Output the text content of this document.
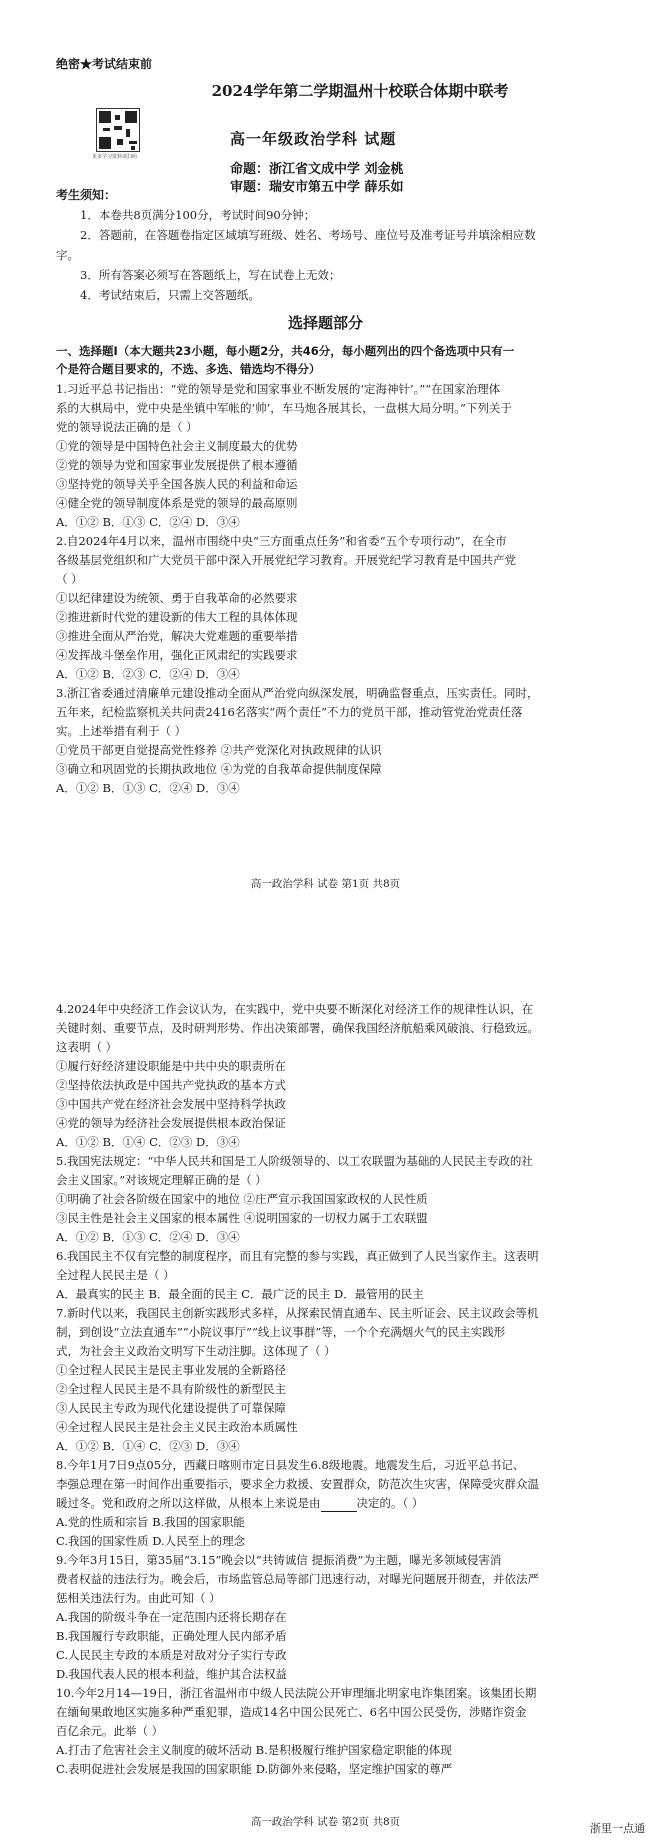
绝密★考试结束前
2024学年第二学期温州十校联合体期中联考
更多学习资料请扫码
高一年级政治学科 试题
命题：浙江省文成中学 刘金桃
审题：瑞安市第五中学 薛乐如
考生须知：
1．本卷共8页满分100分，考试时间90分钟；
2．答题前，在答题卷指定区域填写班级、姓名、考场号、座位号及准考证号并填涂相应数
字。
3．所有答案必须写在答题纸上，写在试卷上无效；
4．考试结束后，只需上交答题纸。
选择题部分
一、选择题Ⅰ（本大题共23小题，每小题2分，共46分，每小题列出的四个备选项中只有一
个是符合题目要求的，不选、多选、错选均不得分）
1.习近平总书记指出：“党的领导是党和国家事业不断发展的‘定海神针’。”“在国家治理体
系的大棋局中，党中央是坐镇中军帐的‘帅’，车马炮各展其长，一盘棋大局分明。”下列关于
党的领导说法正确的是（ ）
①党的领导是中国特色社会主义制度最大的优势
②党的领导为党和国家事业发展提供了根本遵循
③坚持党的领导关乎全国各族人民的利益和命运
④健全党的领导制度体系是党的领导的最高原则
A．①② B．①③ C．②④ D．③④
2.自2024年4月以来，温州市围绕中央“三方面重点任务”和省委“五个专项行动”，在全市
各级基层党组织和广大党员干部中深入开展党纪学习教育。开展党纪学习教育是中国共产党
（ ）
①以纪律建设为统领、勇于自我革命的必然要求
②推进新时代党的建设新的伟大工程的具体体现
③推进全面从严治党，解决大党难题的重要举措
④发挥战斗堡垒作用，强化正风肃纪的实践要求
A．①② B．②③ C．②④ D．③④
3.浙江省委通过清廉单元建设推动全面从严治党向纵深发展，明确监督重点，压实责任。同时，
五年来，纪检监察机关共问责2416名落实“两个责任”不力的党员干部，推动管党治党责任落
实。上述举措有利于（ ）
①党员干部更自觉提高党性修养 ②共产党深化对执政规律的认识
③确立和巩固党的长期执政地位 ④为党的自我革命提供制度保障
A．①② B．①③ C．②④ D．③④
高一政治学科 试卷 第1页 共8页
4.2024年中央经济工作会议认为，在实践中，党中央要不断深化对经济工作的规律性认识，在
关键时刻、重要节点，及时研判形势、作出决策部署，确保我国经济航船乘风破浪、行稳致远。
这表明（ ）
①履行好经济建设职能是中共中央的职责所在
②坚持依法执政是中国共产党执政的基本方式
③中国共产党在经济社会发展中坚持科学执政
④党的领导为经济社会发展提供根本政治保证
A．①② B．①④ C．②③ D．③④
5.我国宪法规定：“中华人民共和国是工人阶级领导的、以工农联盟为基础的人民民主专政的社
会主义国家。”对该规定理解正确的是（ ）
①明确了社会各阶级在国家中的地位 ②庄严宣示我国国家政权的人民性质
③民主性是社会主义国家的根本属性 ④说明国家的一切权力属于工农联盟
A．①② B．①③ C．②④ D．③④
6.我国民主不仅有完整的制度程序，而且有完整的参与实践，真正做到了人民当家作主。这表明
全过程人民民主是（ ）
A．最真实的民主 B．最全面的民主 C．最广泛的民主 D．最管用的民主
7.新时代以来，我国民主创新实践形式多样，从探索民情直通车、民主听证会、民主议政会等机
制，到创设“立法直通车”“小院议事厅”“线上议事群”等，一个个充满烟火气的民主实践形
式，为社会主义政治文明写下生动注脚。这体现了（ ）
①全过程人民民主是民主事业发展的全新路径
②全过程人民民主是不具有阶级性的新型民主
③人民民主专政为现代化建设提供了可靠保障
④全过程人民民主是社会主义民主政治本质属性
A．①② B．①④ C．②③ D．③④
8.今年1月7日9点05分，西藏日喀则市定日县发生6.8级地震。地震发生后，习近平总书记、
李强总理在第一时间作出重要指示，要求全力救援、安置群众，防范次生灾害，保障受灾群众温
暖过冬。党和政府之所以这样做，从根本上来说是由	决定的。（ ）
A.党的性质和宗旨 B.我国的国家职能
C.我国的国家性质 D.人民至上的理念
9.今年3月15日，第35届“3.15”晚会以“共铸诚信 提振消费”为主题，曝光多领域侵害消
费者权益的违法行为。晚会后，市场监管总局等部门迅速行动，对曝光问题展开彻查，并依法严
惩相关违法行为。由此可知（ ）
A.我国的阶级斗争在一定范围内还将长期存在
B.我国履行专政职能，正确处理人民内部矛盾
C.人民民主专政的本质是对敌对分子实行专政
D.我国代表人民的根本利益，维护其合法权益
10.今年2月14—19日，浙江省温州市中级人民法院公开审理缅北明家电诈集团案。该集团长期
在缅甸果敢地区实施多种严重犯罪，造成14名中国公民死亡、6名中国公民受伤，涉赌诈资金
百亿余元。此举（ ）
A.打击了危害社会主义制度的破坏活动 B.是积极履行维护国家稳定职能的体现
C.表明促进社会发展是我国的国家职能 D.防御外来侵略，坚定维护国家的尊严
高一政治学科 试卷 第2页 共8页	浙里一点通
